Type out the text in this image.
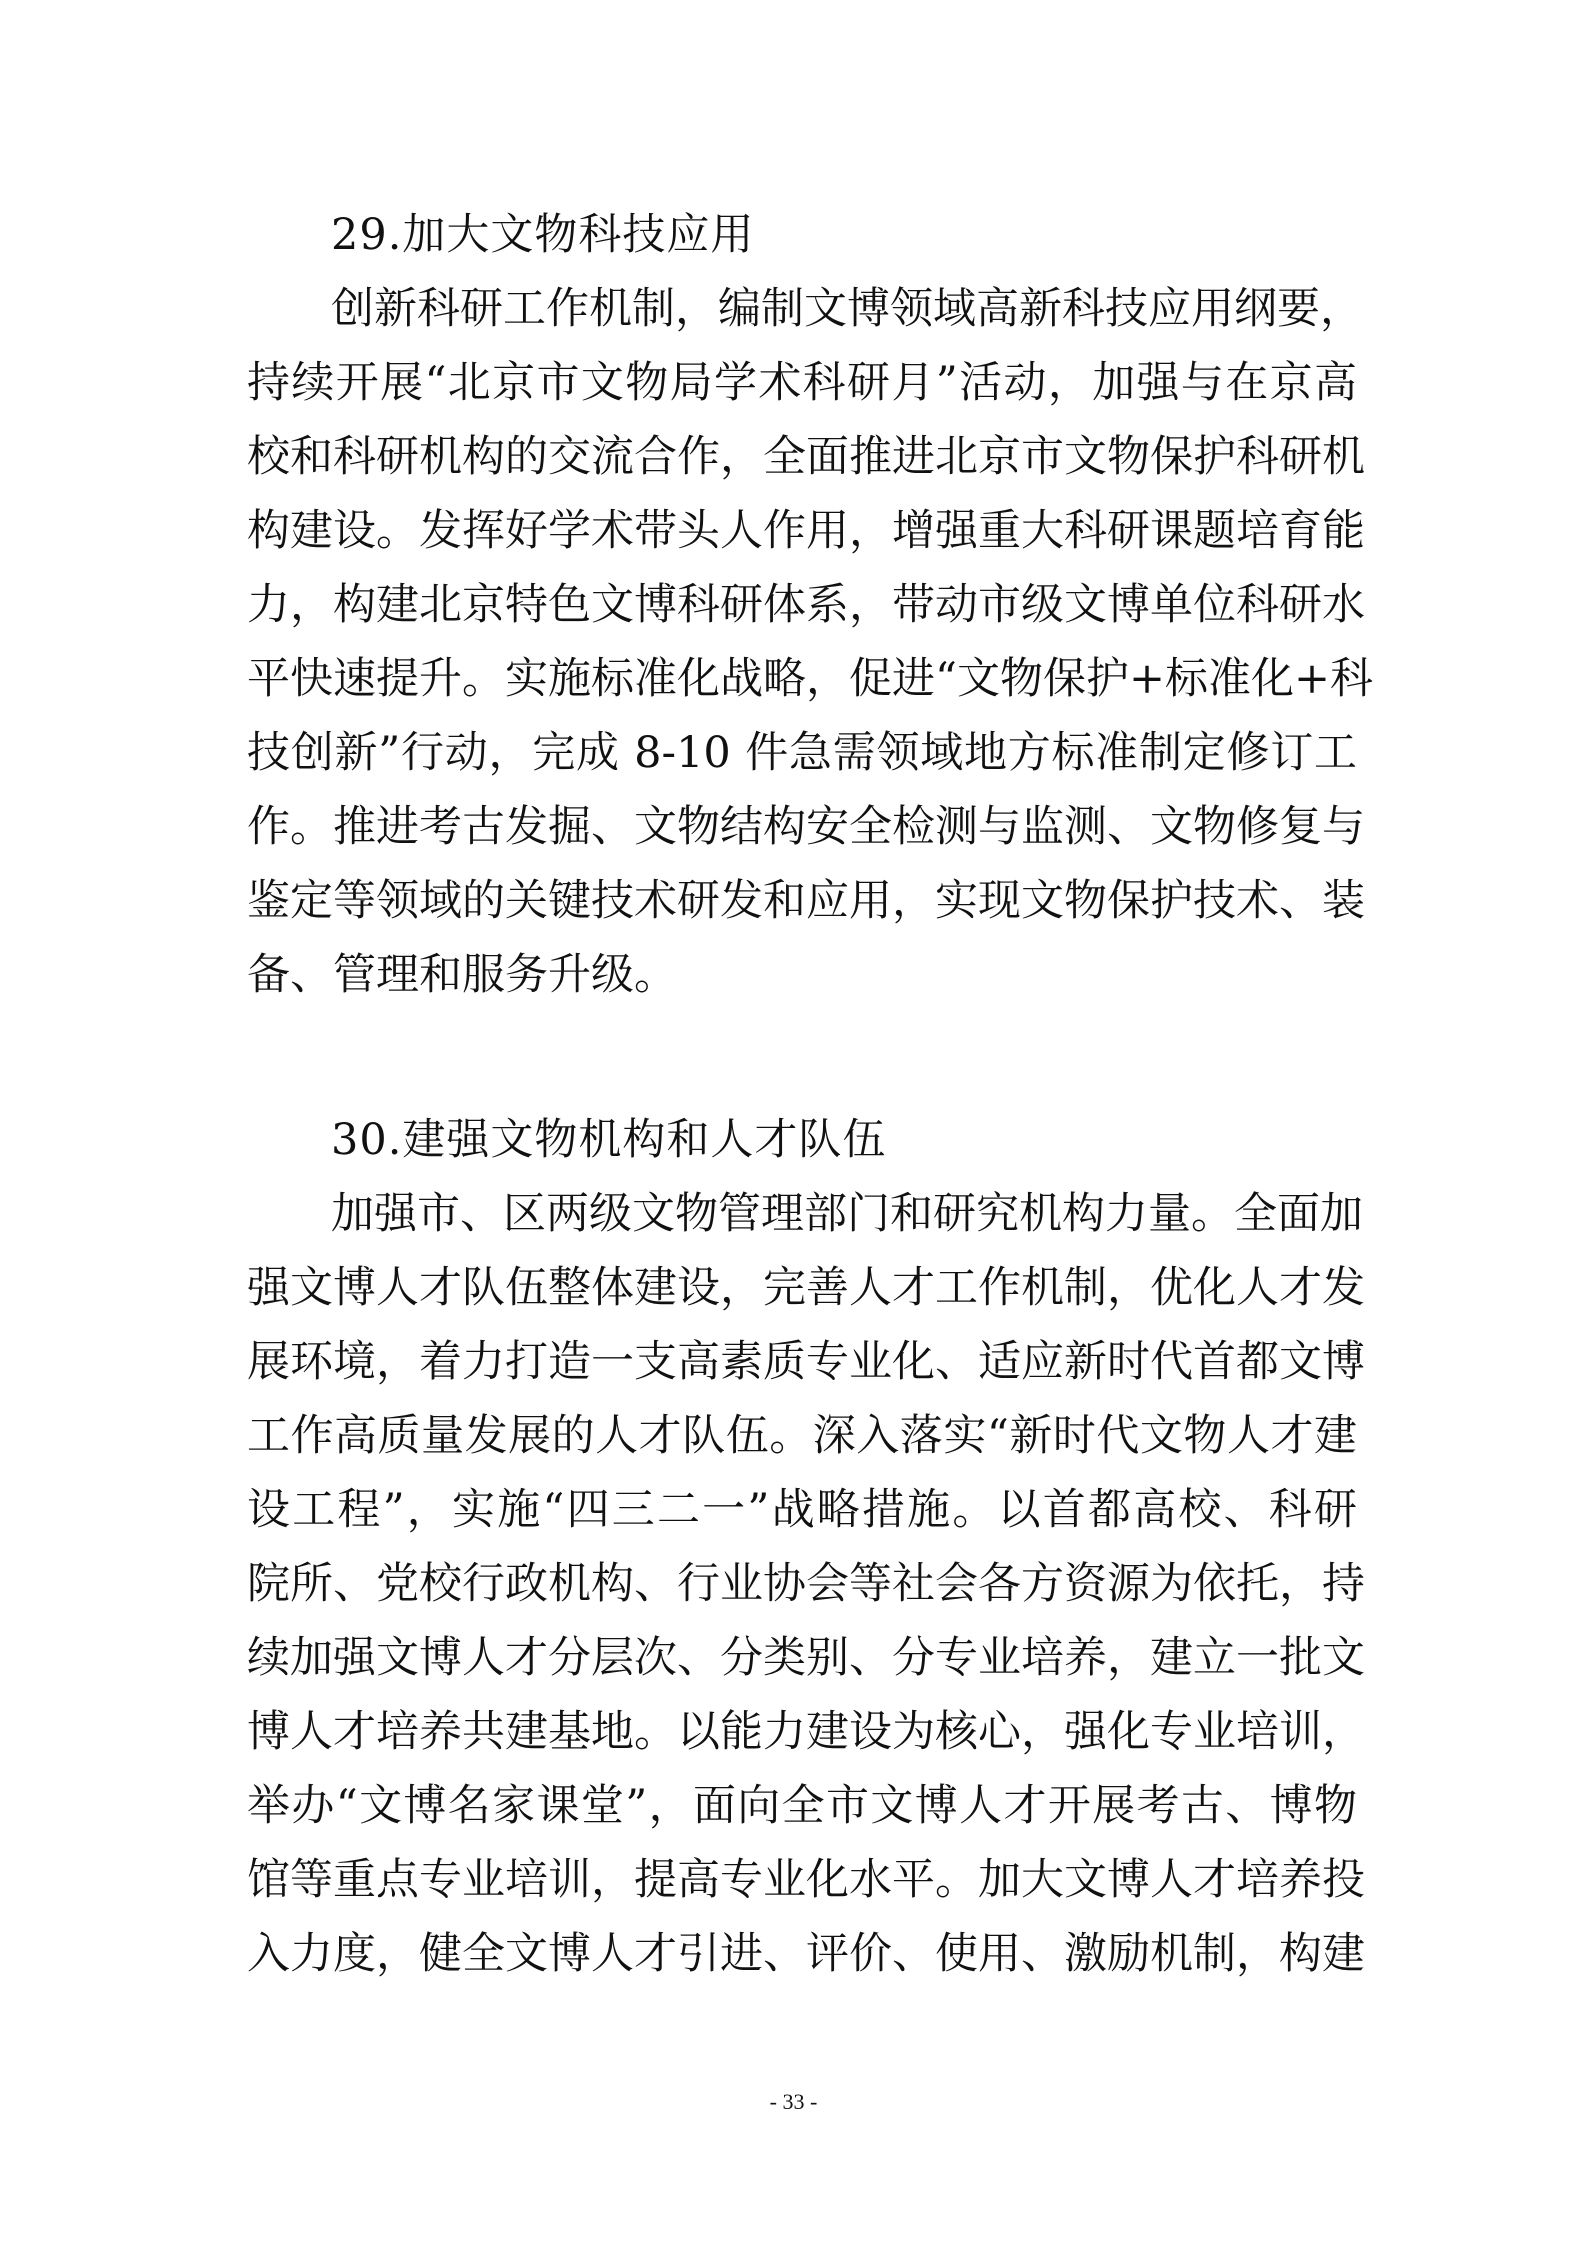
29.加大文物科技应用
创新科研工作机制，编制文博领域高新科技应用纲要，
持续开展“北京市文物局学术科研月”活动，加强与在京高
校和科研机构的交流合作，全面推进北京市文物保护科研机
构建设。发挥好学术带头人作用，增强重大科研课题培育能
力，构建北京特色文博科研体系，带动市级文博单位科研水
平快速提升。实施标准化战略，促进“文物保护+标准化+科
技创新”行动，完成 8-10 件急需领域地方标准制定修订工
作。推进考古发掘、文物结构安全检测与监测、文物修复与
鉴定等领域的关键技术研发和应用，实现文物保护技术、装
备、管理和服务升级。
30.建强文物机构和人才队伍
加强市、区两级文物管理部门和研究机构力量。全面加
强文博人才队伍整体建设，完善人才工作机制，优化人才发
展环境，着力打造一支高素质专业化、适应新时代首都文博
工作高质量发展的人才队伍。深入落实“新时代文物人才建
设工程”，实施“四三二一”战略措施。以首都高校、科研
院所、党校行政机构、行业协会等社会各方资源为依托，持
续加强文博人才分层次、分类别、分专业培养，建立一批文
博人才培养共建基地。以能力建设为核心，强化专业培训，
举办“文博名家课堂”，面向全市文博人才开展考古、博物
馆等重点专业培训，提高专业化水平。加大文博人才培养投
入力度，健全文博人才引进、评价、使用、激励机制，构建
- 33 -
